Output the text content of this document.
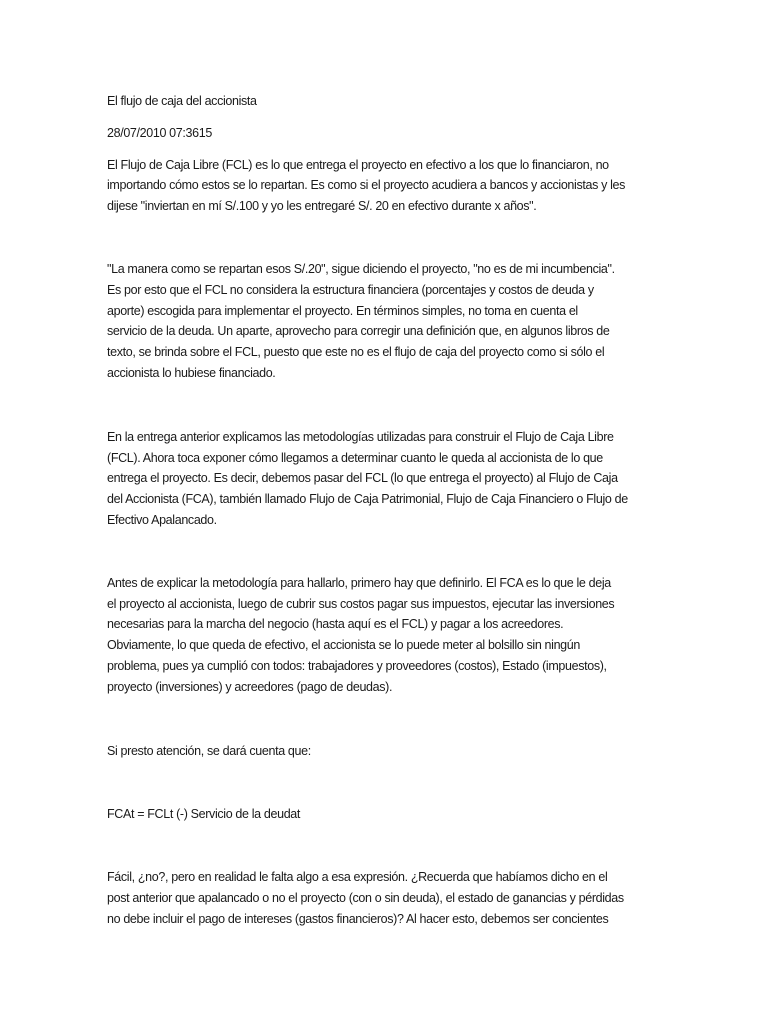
El flujo de caja del accionista
28/07/2010 07:3615
El Flujo de Caja Libre (FCL) es lo que entrega el proyecto en efectivo a los que lo financiaron, no
importando cómo estos se lo repartan. Es como si el proyecto acudiera a bancos y accionistas y les
dijese "inviertan en mí S/.100 y yo les entregaré S/. 20 en efectivo durante x años".
"La manera como se repartan esos S/.20", sigue diciendo el proyecto, "no es de mi incumbencia".
Es por esto que el FCL no considera la estructura financiera (porcentajes y costos de deuda y
aporte) escogida para implementar el proyecto. En términos simples, no toma en cuenta el
servicio de la deuda. Un aparte, aprovecho para corregir una definición que, en algunos libros de
texto, se brinda sobre el FCL, puesto que este no es el flujo de caja del proyecto como si sólo el
accionista lo hubiese financiado.
En la entrega anterior explicamos las metodologías utilizadas para construir el Flujo de Caja Libre
(FCL). Ahora toca exponer cómo llegamos a determinar cuanto le queda al accionista de lo que
entrega el proyecto. Es decir, debemos pasar del FCL (lo que entrega el proyecto) al Flujo de Caja
del Accionista (FCA), también llamado Flujo de Caja Patrimonial, Flujo de Caja Financiero o Flujo de
Efectivo Apalancado.
Antes de explicar la metodología para hallarlo, primero hay que definirlo. El FCA es lo que le deja
el proyecto al accionista, luego de cubrir sus costos pagar sus impuestos, ejecutar las inversiones
necesarias para la marcha del negocio (hasta aquí es el FCL) y pagar a los acreedores.
Obviamente, lo que queda de efectivo, el accionista se lo puede meter al bolsillo sin ningún
problema, pues ya cumplió con todos: trabajadores y proveedores (costos), Estado (impuestos),
proyecto (inversiones) y acreedores (pago de deudas).
Si presto atención, se dará cuenta que:
FCAt = FCLt (-) Servicio de la deudat
Fácil, ¿no?, pero en realidad le falta algo a esa expresión. ¿Recuerda que habíamos dicho en el
post anterior que apalancado o no el proyecto (con o sin deuda), el estado de ganancias y pérdidas
no debe incluir el pago de intereses (gastos financieros)? Al hacer esto, debemos ser concientes
